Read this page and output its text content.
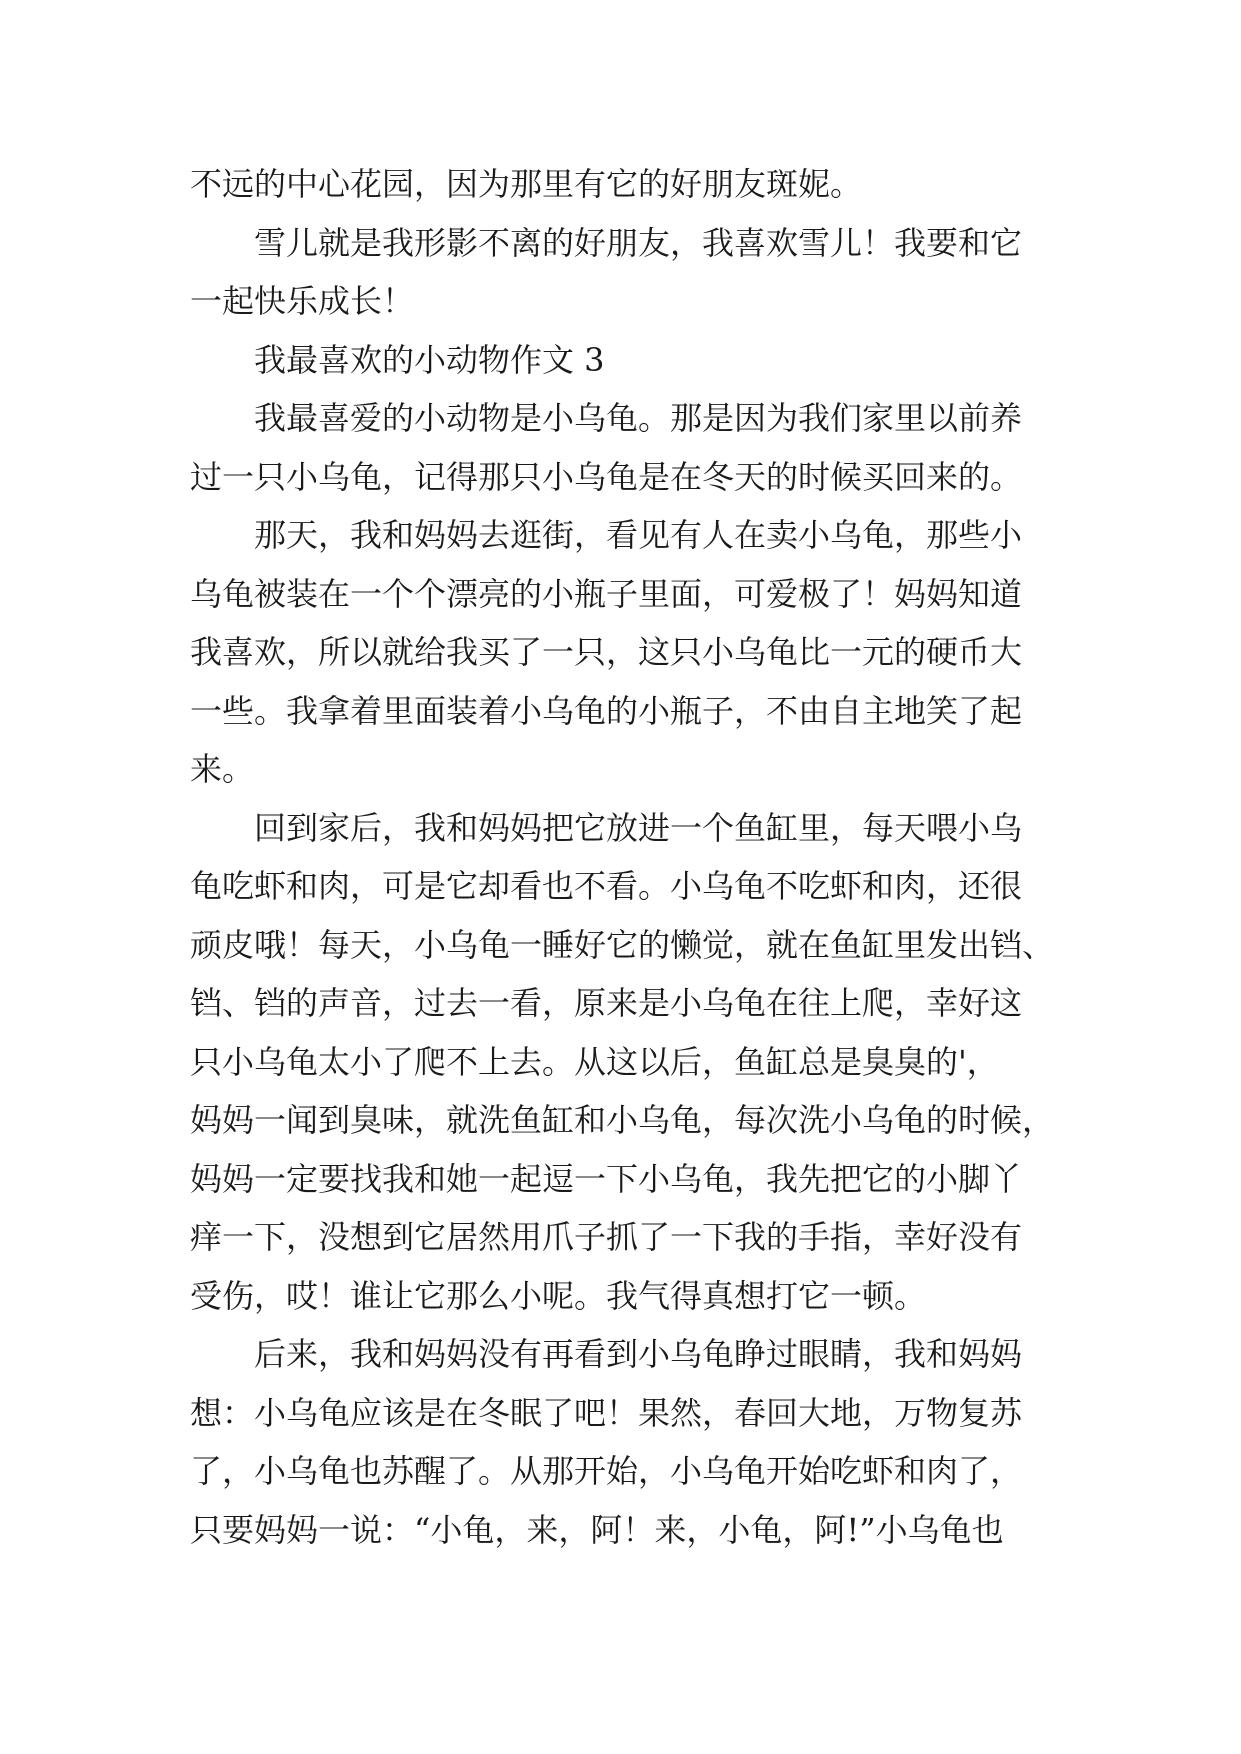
不远的中心花园，因为那里有它的好朋友斑妮。
雪儿就是我形影不离的好朋友，我喜欢雪儿！我要和它
一起快乐成长！
我最喜欢的小动物作文 3
我最喜爱的小动物是小乌龟。那是因为我们家里以前养
过一只小乌龟，记得那只小乌龟是在冬天的时候买回来的。
那天，我和妈妈去逛街，看见有人在卖小乌龟，那些小
乌龟被装在一个个漂亮的小瓶子里面，可爱极了！妈妈知道
我喜欢，所以就给我买了一只，这只小乌龟比一元的硬币大
一些。我拿着里面装着小乌龟的小瓶子，不由自主地笑了起
来。
回到家后，我和妈妈把它放进一个鱼缸里，每天喂小乌
龟吃虾和肉，可是它却看也不看。小乌龟不吃虾和肉，还很
顽皮哦！每天，小乌龟一睡好它的懒觉，就在鱼缸里发出铛、
铛、铛的声音，过去一看，原来是小乌龟在往上爬，幸好这
只小乌龟太小了爬不上去。从这以后，鱼缸总是臭臭的'，
妈妈一闻到臭味，就洗鱼缸和小乌龟，每次洗小乌龟的时候，
妈妈一定要找我和她一起逗一下小乌龟，我先把它的小脚丫
痒一下，没想到它居然用爪子抓了一下我的手指，幸好没有
受伤，哎！谁让它那么小呢。我气得真想打它一顿。
后来，我和妈妈没有再看到小乌龟睁过眼睛，我和妈妈
想：小乌龟应该是在冬眠了吧！果然，春回大地，万物复苏
了，小乌龟也苏醒了。从那开始，小乌龟开始吃虾和肉了，
只要妈妈一说：“小龟，来，阿！来，小龟，阿!”小乌龟也
